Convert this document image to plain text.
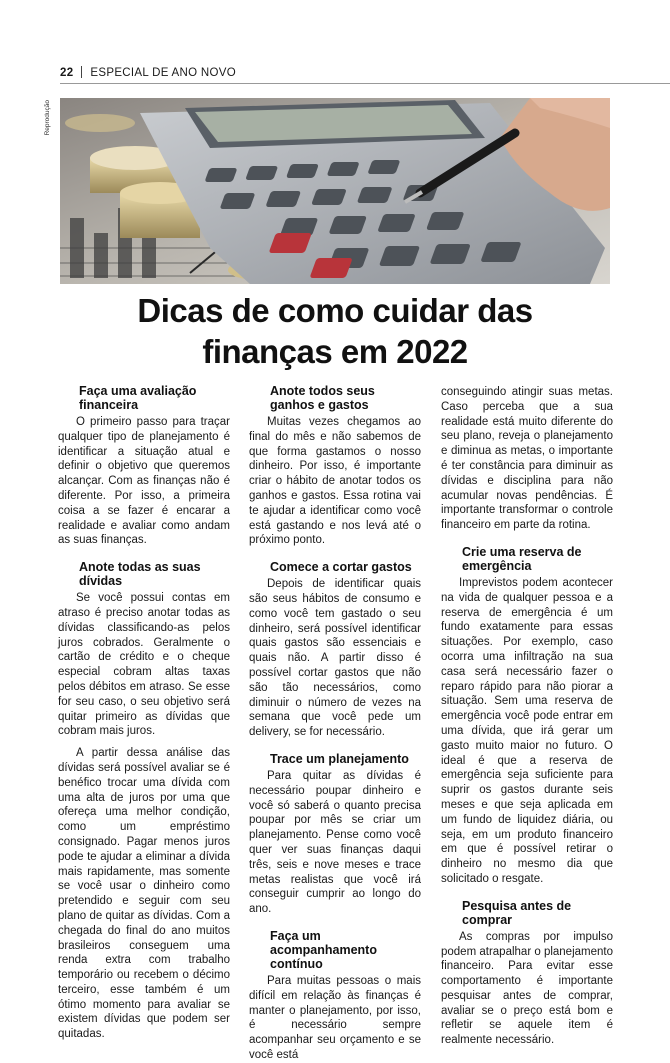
22 ESPECIAL DE ANO NOVO
Reprodução
Dicas de como cuidar das
finanças em 2022
Faça uma avaliação financeira

O primeiro passo para traçar qualquer tipo de planejamento é identificar a situação atual e definir o objetivo que queremos alcançar. Com as finanças não é diferente. Por isso, a primeira coisa a se fazer é encarar a realidade e avaliar como andam as suas finanças.

Anote todas as suas dívidas

Se você possui contas em atraso é preciso anotar todas as dívidas classificando-as pelos juros cobrados. Geralmente o cartão de crédito e o cheque especial cobram altas taxas pelos débitos em atraso. Se esse for seu caso, o seu objetivo será quitar primeiro as dívidas que cobram mais juros.

A partir dessa análise das dívidas será possível avaliar se é benéfico trocar uma dívida com uma alta de juros por uma que ofereça uma melhor condição, como um empréstimo consignado. Pagar menos juros pode te ajudar a eliminar a dívida mais rapidamente, mas somente se você usar o dinheiro como pretendido e seguir com seu plano de quitar as dívidas. Com a chegada do final do ano muitos brasileiros conseguem uma renda extra com trabalho temporário ou recebem o décimo terceiro, esse também é um ótimo momento para avaliar se existem dívidas que podem ser quitadas.

Anote todos seus ganhos e gastos

Muitas vezes chegamos ao final do mês e não sabemos de que forma gastamos o nosso dinheiro. Por isso, é importante criar o hábito de anotar todos os ganhos e gastos. Essa rotina vai te ajudar a identificar como você está gastando e nos levá até o próximo ponto.

Comece a cortar gastos

Depois de identificar quais são seus hábitos de consumo e como você tem gastado o seu dinheiro, será possível identificar quais gastos são essenciais e quais não. A partir disso é possível cortar gastos que não são tão necessários, como diminuir o número de vezes na semana que você pede um delivery, se for necessário.

Trace um planejamento

Para quitar as dívidas é necessário poupar dinheiro e você só saberá o quanto precisa poupar por mês se criar um planejamento. Pense como você quer ver suas finanças daqui três, seis e nove meses e trace metas realistas que você irá conseguir cumprir ao longo do ano.

Faça um acompanhamento contínuo

Para muitas pessoas o mais difícil em relação às finanças é manter o planejamento, por isso, é necessário sempre acompanhar seu orçamento e se você está

conseguindo atingir suas metas. Caso perceba que a sua realidade está muito diferente do seu plano, reveja o planejamento e diminua as metas, o importante é ter constância para diminuir as dívidas e disciplina para não acumular novas pendências. É importante transformar o controle financeiro em parte da rotina.

Crie uma reserva de emergência

Imprevistos podem acontecer na vida de qualquer pessoa e a reserva de emergência é um fundo exatamente para essas situações. Por exemplo, caso ocorra uma infiltração na sua casa será necessário fazer o reparo rápido para não piorar a situação. Sem uma reserva de emergência você pode entrar em uma dívida, que irá gerar um gasto muito maior no futuro. O ideal é que a reserva de emergência seja suficiente para suprir os gastos durante seis meses e que seja aplicada em um fundo de liquidez diária, ou seja, em um produto financeiro em que é possível retirar o dinheiro no mesmo dia que solicitado o resgate.

Pesquisa antes de comprar

As compras por impulso podem atrapalhar o planejamento financeiro. Para evitar esse comportamento é importante pesquisar antes de comprar, avaliar se o preço está bom e refletir se aquele item é realmente necessário.
